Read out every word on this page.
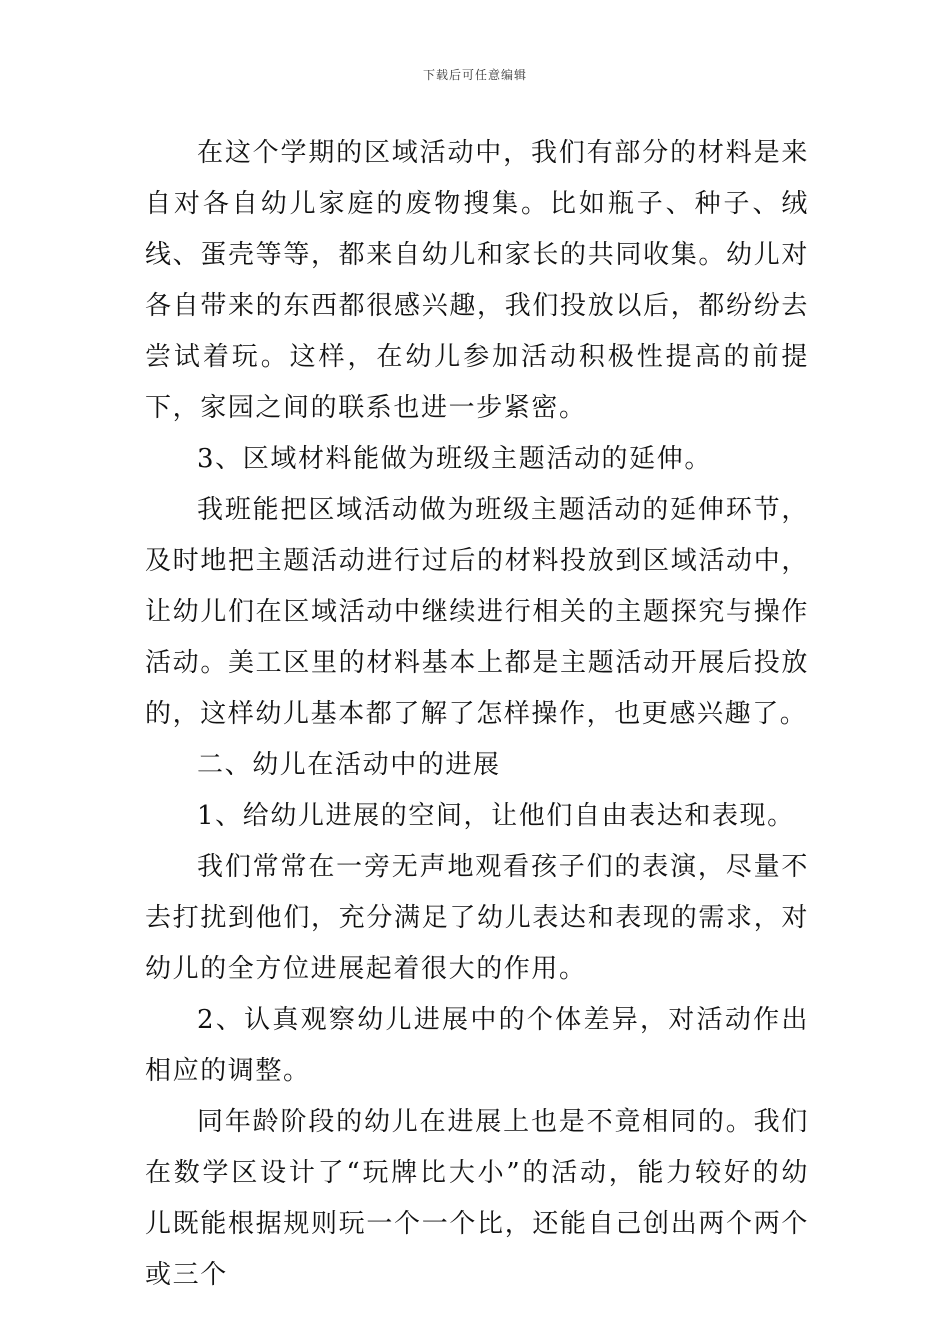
下载后可任意编辑

在这个学期的区域活动中，我们有部分的材料是来自对各自幼儿家庭的废物搜集。比如瓶子、种子、绒线、蛋壳等等，都来自幼儿和家长的共同收集。幼儿对各自带来的东西都很感兴趣，我们投放以后，都纷纷去尝试着玩。这样，在幼儿参加活动积极性提高的前提下，家园之间的联系也进一步紧密。

3、区域材料能做为班级主题活动的延伸。

我班能把区域活动做为班级主题活动的延伸环节，及时地把主题活动进行过后的材料投放到区域活动中，让幼儿们在区域活动中继续进行相关的主题探究与操作活动。美工区里的材料基本上都是主题活动开展后投放的，这样幼儿基本都了解了怎样操作，也更感兴趣了。

二、幼儿在活动中的进展

1、给幼儿进展的空间，让他们自由表达和表现。

我们常常在一旁无声地观看孩子们的表演，尽量不去打扰到他们，充分满足了幼儿表达和表现的需求，对幼儿的全方位进展起着很大的作用。

2、认真观察幼儿进展中的个体差异，对活动作出相应的调整。

同年龄阶段的幼儿在进展上也是不竟相同的。我们在数学区设计了“玩牌比大小”的活动，能力较好的幼儿既能根据规则玩一个一个比，还能自己创出两个两个或三个
